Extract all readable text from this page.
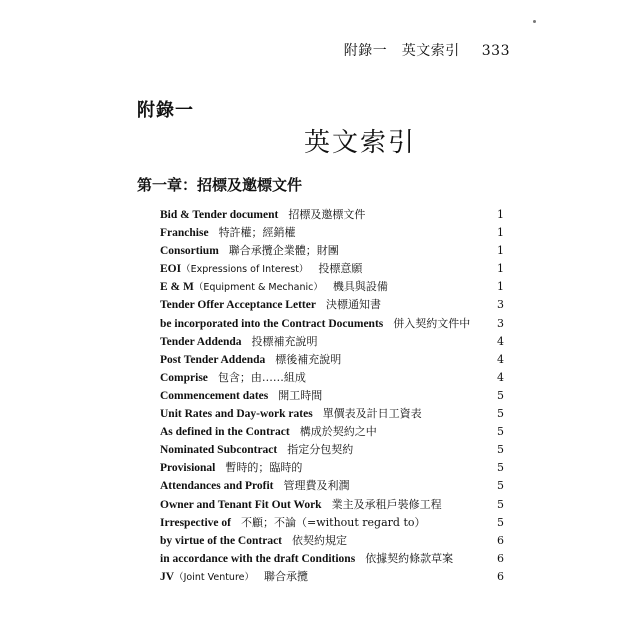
附錄一　英文索引 333
附錄一
英文索引
第一章：招標及邀標文件
Bid & Tender document 招標及邀標文件	1
Franchise 特許權；經銷權	1
Consortium 聯合承攬企業體；財團	1
EOI（Expressions of Interest） 投標意願	1
E & M（Equipment & Mechanic） 機具與設備	1
Tender Offer Acceptance Letter 決標通知書	3
be incorporated into the Contract Documents 併入契約文件中 3
Tender Addenda 投標補充說明	4
Post Tender Addenda 標後補充說明	4
Comprise 包含；由……組成	4
Commencement dates 開工時間	5
Unit Rates and Day-work rates 單價表及計日工資表	5
As defined in the Contract 構成於契約之中	5
Nominated Subcontract 指定分包契約	5
Provisional 暫時的；臨時的	5
Attendances and Profit 管理費及利潤	5
Owner and Tenant Fit Out Work 業主及承租戶裝修工程	5
Irrespective of 不顧；不論（=without regard to）	5
by virtue of the Contract 依契約規定	6
in accordance with the draft Conditions 依據契約條款草案	6
JV（Joint Venture） 聯合承攬	6
